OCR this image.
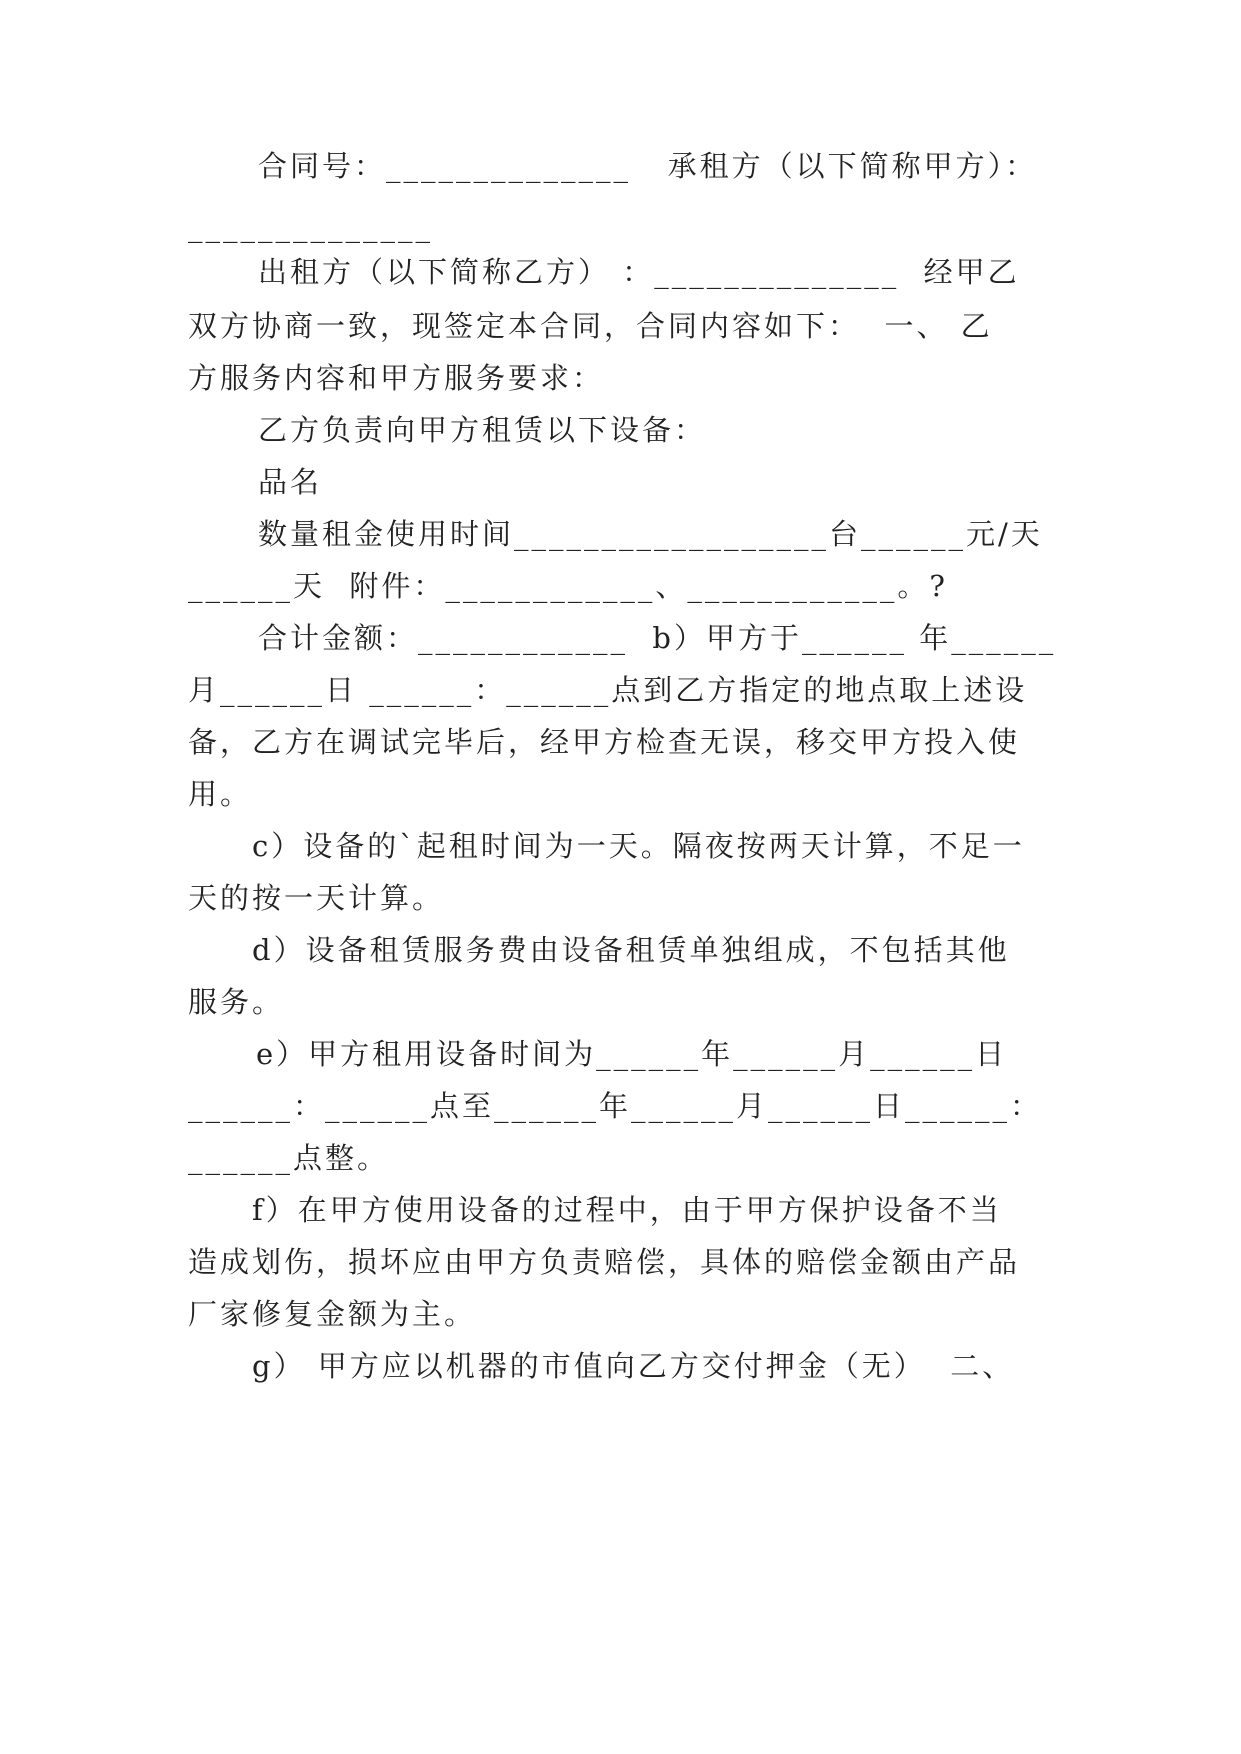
合同号：______________   承租方（以下简称甲方）：
______________
出租方（以下简称乙方） ：______________  经甲乙
双方协商一致，现签定本合同，合同内容如下：  一、 乙
方服务内容和甲方服务要求：
乙方负责向甲方租赁以下设备：
品名
数量租金使用时间__________________台______元/天
______天  附件：____________、____________。?
合计金额：____________  b）甲方于______ 年______
月______日 ______：______点到乙方指定的地点取上述设
备，乙方在调试完毕后，经甲方检查无误，移交甲方投入使
用。
c）设备的`起租时间为一天。隔夜按两天计算，不足一
天的按一天计算。
d）设备租赁服务费由设备租赁单独组成，不包括其他
服务。
e）甲方租用设备时间为______年______月______日
______：______点至______年______月______日______：
______点整。
f）在甲方使用设备的过程中，由于甲方保护设备不当
造成划伤，损坏应由甲方负责赔偿，具体的赔偿金额由产品
厂家修复金额为主。
g） 甲方应以机器的市值向乙方交付押金（无）  二、
